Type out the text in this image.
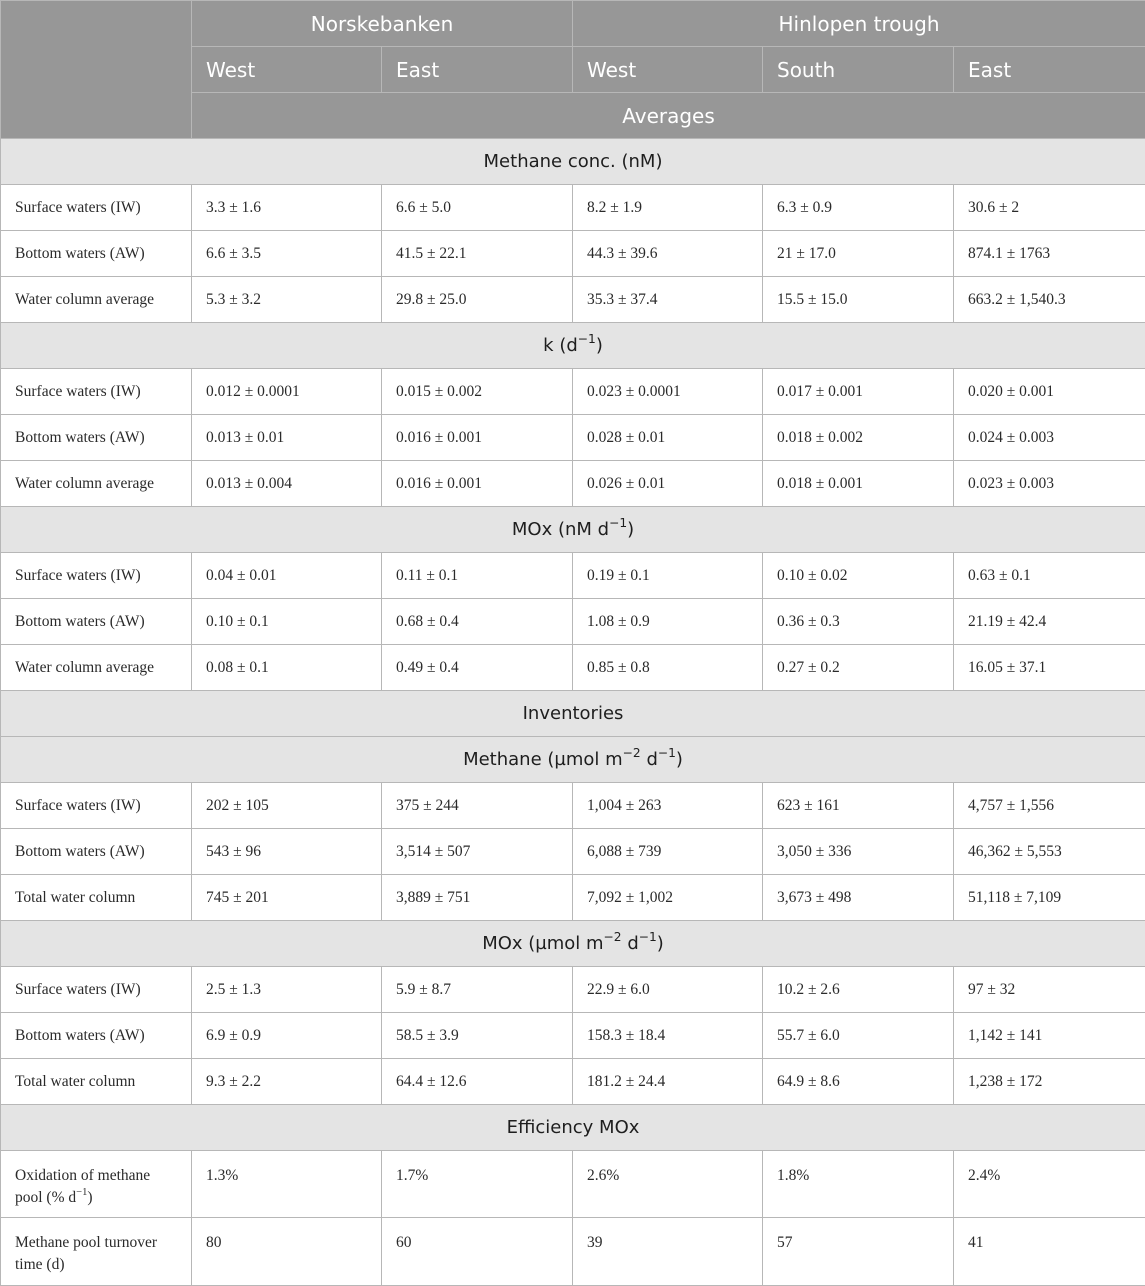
	Norskebanken		Hinlopen trough		
	West	East	West	South	East
	Averages				
Methane conc. (nM)					
Surface waters (IW)	3.3 ± 1.6	6.6 ± 5.0	8.2 ± 1.9	6.3 ± 0.9	30.6 ± 2
Bottom waters (AW)	6.6 ± 3.5	41.5 ± 22.1	44.3 ± 39.6	21 ± 17.0	874.1 ± 1763
Water column average	5.3 ± 3.2	29.8 ± 25.0	35.3 ± 37.4	15.5 ± 15.0	663.2 ± 1,540.3
k $(d^{-1})$					
Surface waters (IW)	0.012 ± 0.0001	0.015 ± 0.002	0.023 ± 0.0001	0.017 ± 0.001	0.020 ± 0.001
Bottom waters (AW)	0.013 ± 0.01	0.016 ± 0.001	0.028 ± 0.01	0.018 ± 0.002	0.024 ± 0.003
Water column average	0.013 ± 0.004	0.016 ± 0.001	0.026 ± 0.01	0.018 ± 0.001	0.023 ± 0.003
MOx (nM $d^{-1}$)					
Surface waters (IW)	0.04 ± 0.01	0.11 ± 0.1	0.19 ± 0.1	0.10 ± 0.02	0.63 ± 0.1
Bottom waters (AW)	0.10 ± 0.1	0.68 ± 0.4	1.08 ± 0.9	0.36 ± 0.3	21.19 ± 42.4
Water column average	0.08 ± 0.1	0.49 ± 0.4	0.85 ± 0.8	0.27 ± 0.2	16.05 ± 37.1
Inventories					
Methane (µmol $m^{-2}$ $d^{-1}$)					
Surface waters (IW)	202 ± 105	375 ± 244	1,004 ± 263	623 ± 161	4,757 ± 1,556
Bottom waters (AW)	543 ± 96	3,514 ± 507	6,088 ± 739	3,050 ± 336	46,362 ± 5,553
Total water column	745 ± 201	3,889 ± 751	7,092 ± 1,002	3,673 ± 498	51,118 ± 7,109
MOx (µmol $m^{-2}$ $d^{-1}$)					
Surface waters (IW)	2.5 ± 1.3	5.9 ± 8.7	22.9 ± 6.0	10.2 ± 2.6	97 ± 32
Bottom waters (AW)	6.9 ± 0.9	58.5 ± 3.9	158.3 ± 18.4	55.7 ± 6.0	1,142 ± 141
Total water column	9.3 ± 2.2	64.4 ± 12.6	181.2 ± 24.4	64.9 ± 8.6	1,238 ± 172
Efficiency MOx					
Oxidation of methane pool (% $d^{-1}$)	1.3%	1.7%	2.6%	1.8%	2.4%
Methane pool turnover time (d)	80	60	39	57	41
